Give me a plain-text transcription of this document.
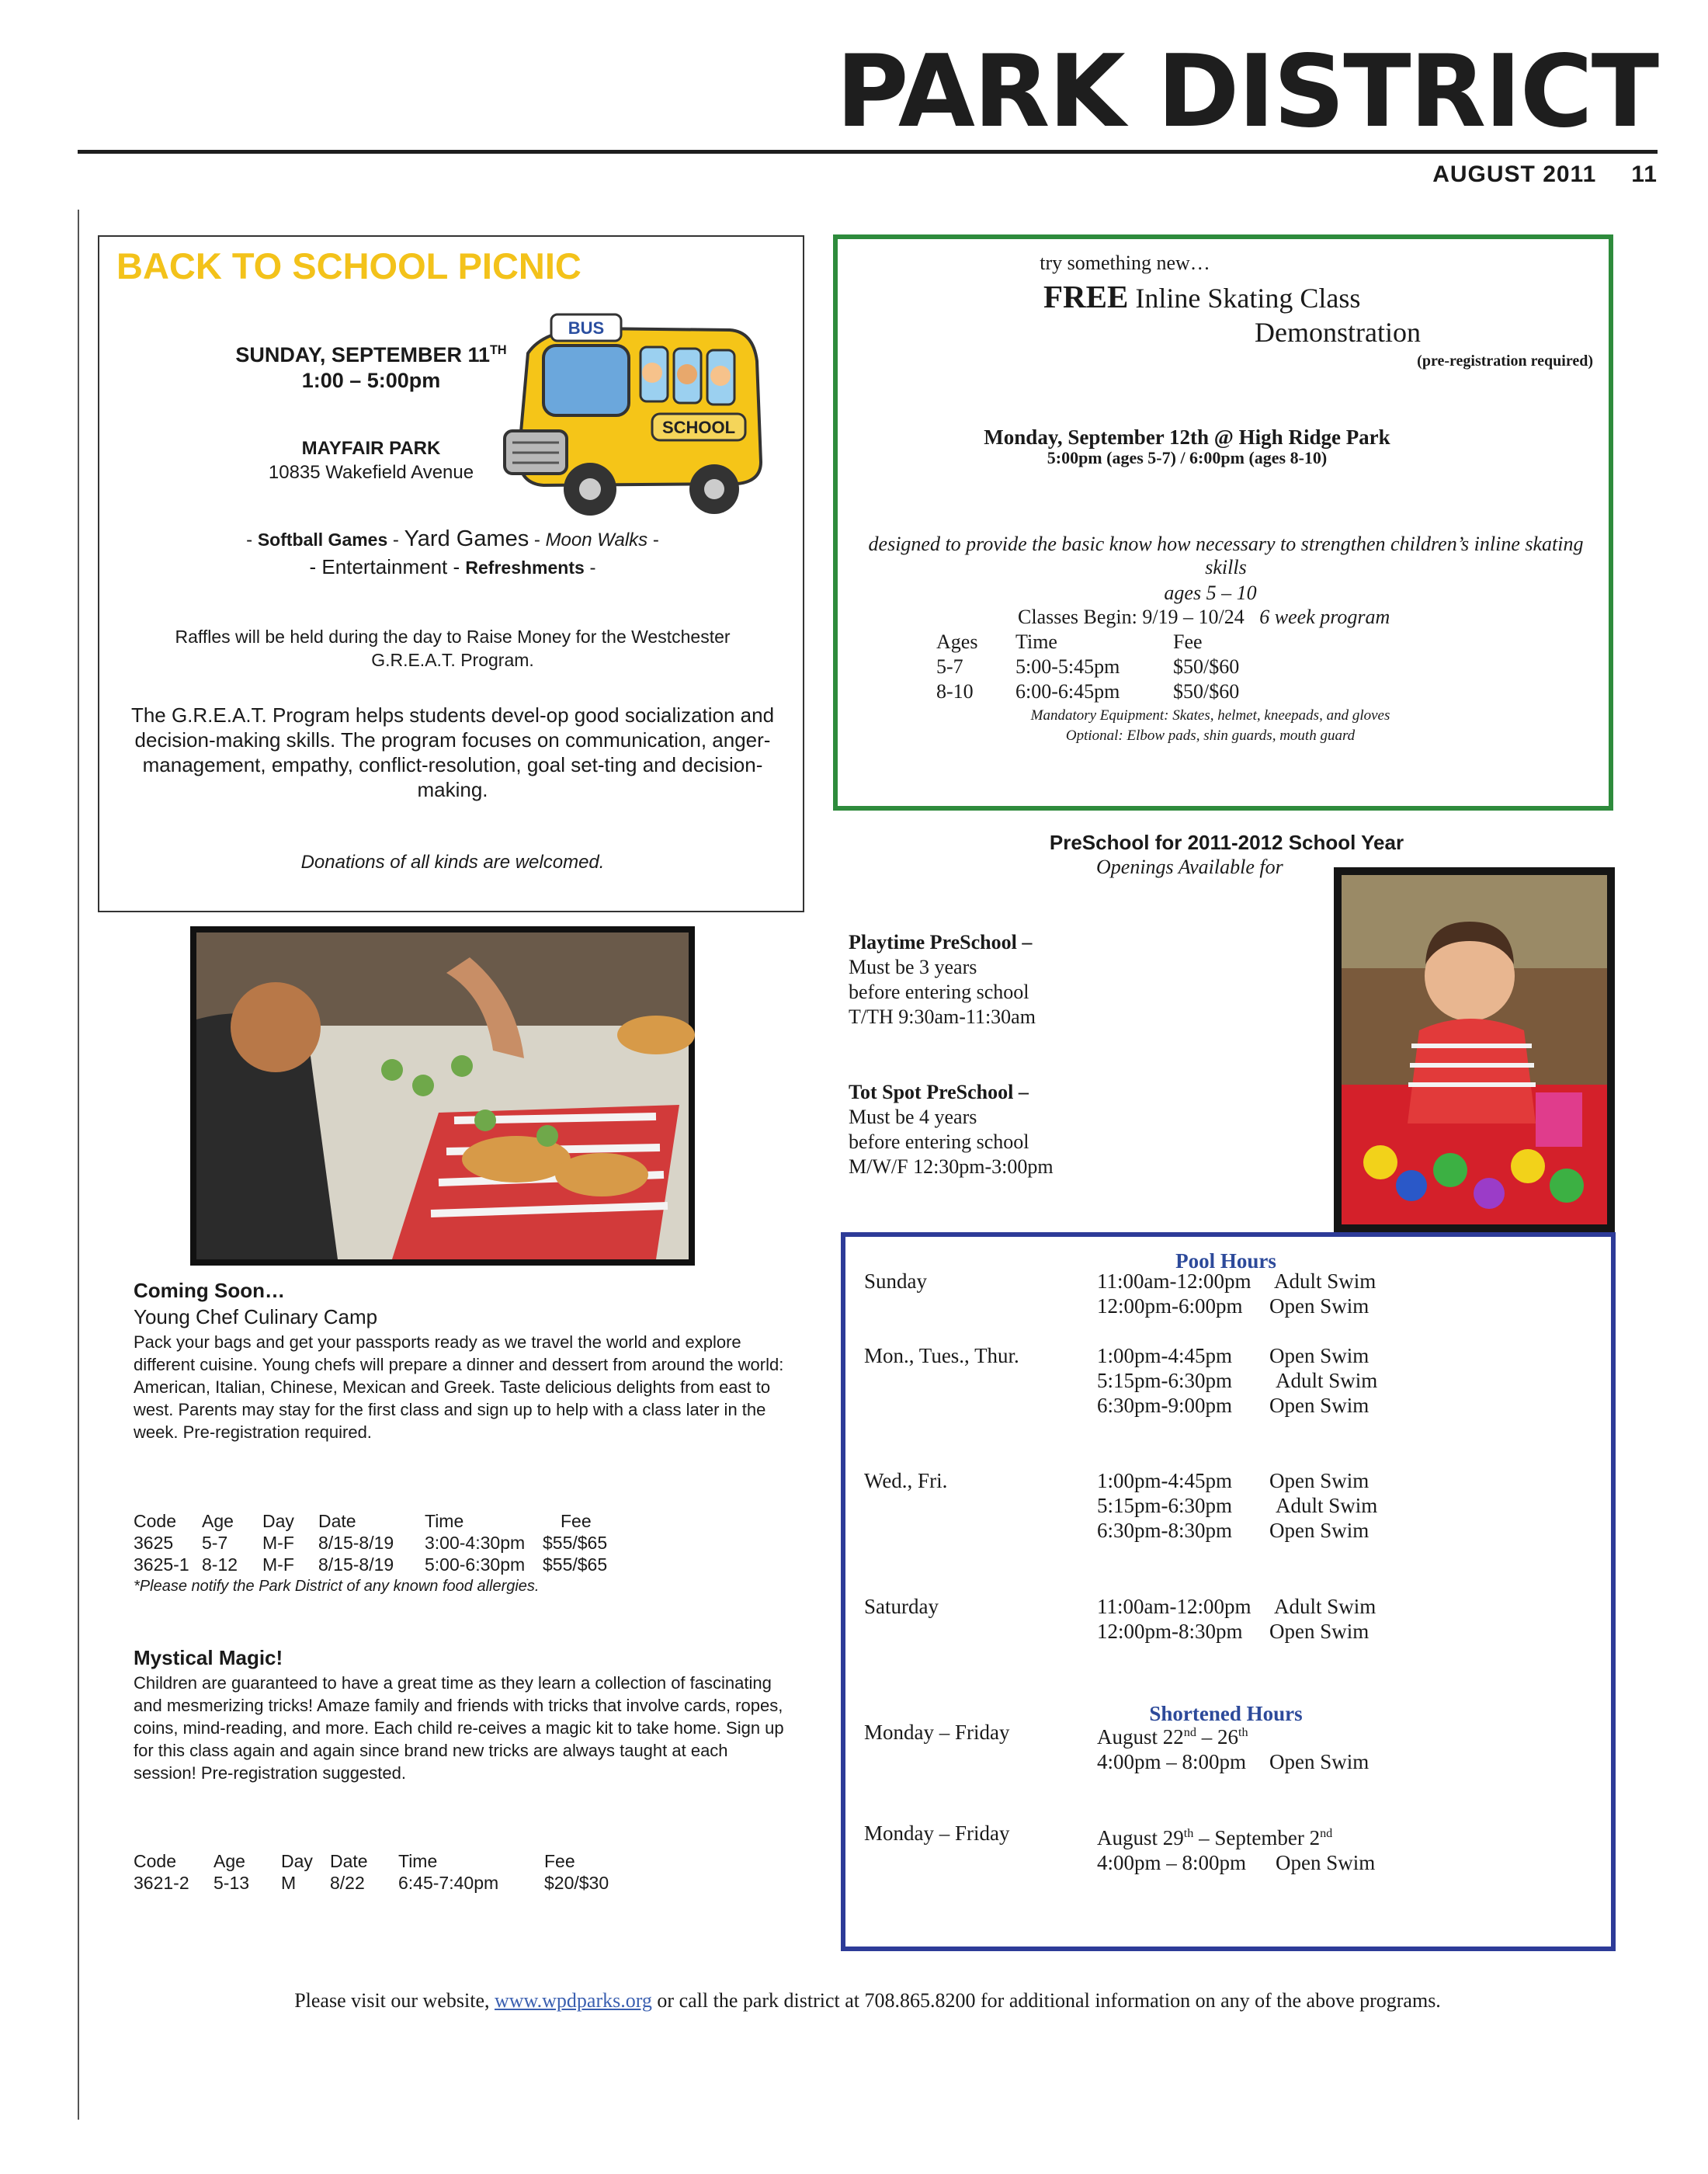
PARK DISTRICT
AUGUST 2011 11
BACK TO SCHOOL PICNIC
SUNDAY, SEPTEMBER 11TH
1:00 – 5:00pm
MAYFAIR PARK
10835 Wakefield Avenue
BUS
SCHOOL
- Softball Games - Yard Games - Moon Walks -
- Entertainment - Refreshments -
Raffles will be held during the day to Raise Money for the Westchester G.R.E.A.T. Program.
The G.R.E.A.T. Program helps students devel-op good socialization and decision-making skills. The program focuses on communication, anger-management, empathy, conflict-resolution, goal set-ting and decision-making.
Donations of all kinds are welcomed.
try something new…
FREE Inline Skating Class
Demonstration
(pre-registration required)
Monday, September 12th @ High Ridge Park
5:00pm (ages 5-7) / 6:00pm (ages 8-10)
designed to provide the basic know how necessary to strengthen children’s inline skating skills
ages 5 – 10
Classes Begin: 9/19 – 10/24 6 week program
Ages Time	Fee
5-7	5:00-5:45pm	$50/$60
8-10 6:00-6:45pm	$50/$60
Mandatory Equipment: Skates, helmet, kneepads, and gloves
Optional: Elbow pads, shin guards, mouth guard
PreSchool for 2011-2012 School Year
Openings Available for
Playtime PreSchool –
Must be 3 years
before entering school
T/TH 9:30am-11:30am
Tot Spot PreSchool –
Must be 4 years
before entering school
M/W/F 12:30pm-3:00pm
Coming Soon…
Young Chef Culinary Camp
Pack your bags and get your passports ready as we travel the world and explore different cuisine. Young chefs will prepare a dinner and dessert from around the world: American, Italian, Chinese, Mexican and Greek. Taste delicious delights from east to west. Parents may stay for the first class and sign up to help with a class later in the week. Pre-registration required.
Code Age Day Date	Time	Fee
3625 5-7 M-F 8/15-8/19 3:00-4:30pm $55/$65
3625-1 8-12 M-F 8/15-8/19 5:00-6:30pm $55/$65
*Please notify the Park District of any known food allergies.
Mystical Magic!
Children are guaranteed to have a great time as they learn a collection of fascinating and mesmerizing tricks! Amaze family and friends with tricks that involve cards, ropes, coins, mind-reading, and more. Each child re-ceives a magic kit to take home. Sign up for this class again and again since brand new tricks are always taught at each session! Pre-registration suggested.
Code Age Day Date Time	Fee
3621-2 5-13 M 8/22 6:45-7:40pm	$20/$30
Pool Hours
Sunday	11:00am-12:00pm Adult Swim
12:00pm-6:00pm Open Swim
Mon., Tues., Thur.	1:00pm-4:45pm Open Swim
5:15pm-6:30pm Adult Swim
6:30pm-9:00pm Open Swim
Wed., Fri.	1:00pm-4:45pm Open Swim
5:15pm-6:30pm Adult Swim
6:30pm-8:30pm Open Swim
Saturday	11:00am-12:00pm Adult Swim
12:00pm-8:30pm Open Swim
Shortened Hours
Monday – Friday	August 22nd – 26th
4:00pm – 8:00pm Open Swim
Monday – Friday	August 29th – September 2nd
4:00pm – 8:00pm Open Swim
Please visit our website, www.wpdparks.org or call the park district at 708.865.8200 for additional information on any of the above programs.
